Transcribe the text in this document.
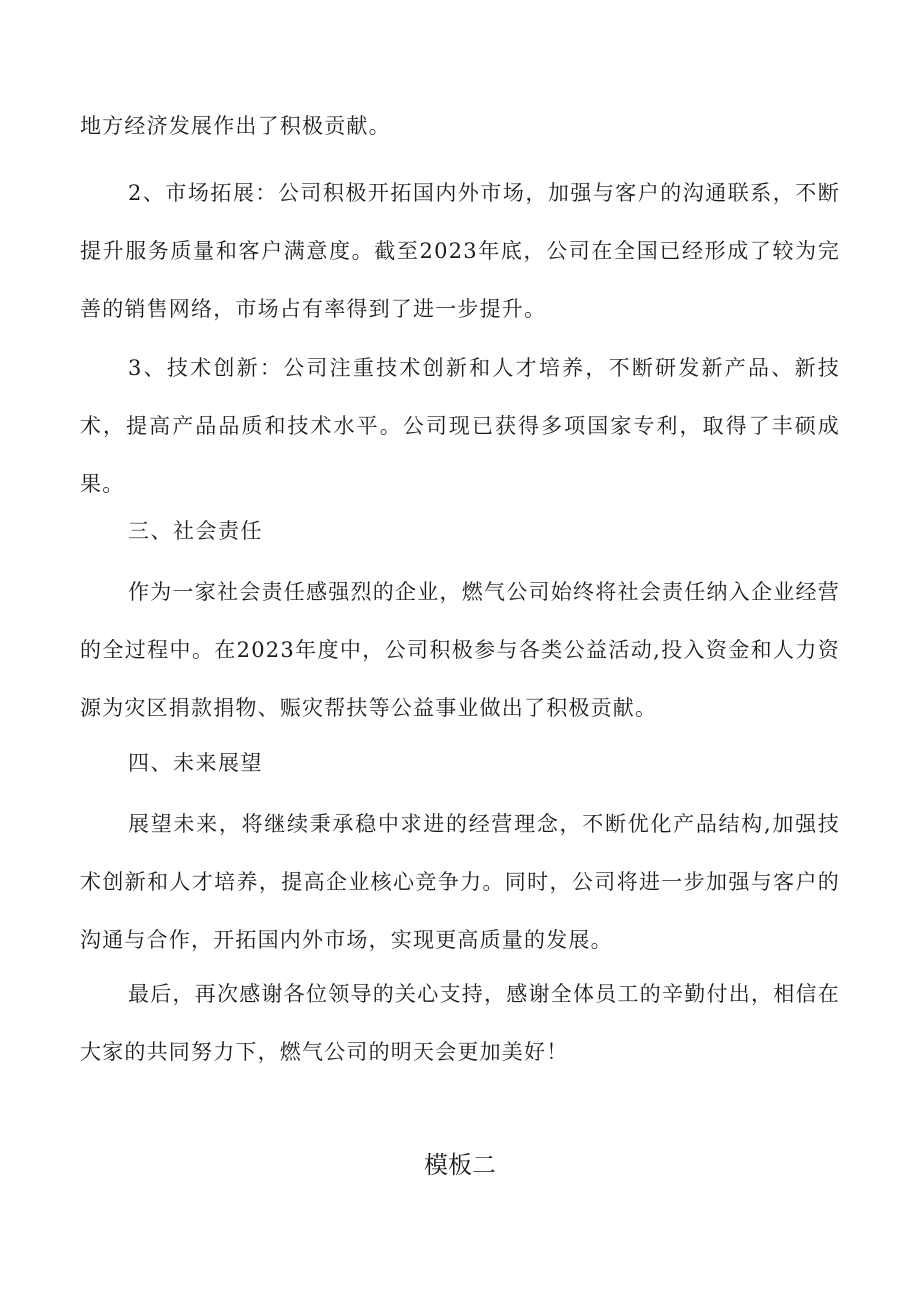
地方经济发展作出了积极贡献。

2、市场拓展：公司积极开拓国内外市场，加强与客户的沟通联系，不断提升服务质量和客户满意度。截至2023年底，公司在全国已经形成了较为完善的销售网络，市场占有率得到了进一步提升。

3、技术创新：公司注重技术创新和人才培养，不断研发新产品、新技术，提高产品品质和技术水平。公司现已获得多项国家专利，取得了丰硕成果。

三、社会责任

作为一家社会责任感强烈的企业，燃气公司始终将社会责任纳入企业经营的全过程中。在2023年度中，公司积极参与各类公益活动,投入资金和人力资源为灾区捐款捐物、赈灾帮扶等公益事业做出了积极贡献。

四、未来展望

展望未来，将继续秉承稳中求进的经营理念，不断优化产品结构,加强技术创新和人才培养，提高企业核心竞争力。同时，公司将进一步加强与客户的沟通与合作，开拓国内外市场，实现更高质量的发展。

最后，再次感谢各位领导的关心支持，感谢全体员工的辛勤付出，相信在大家的共同努力下，燃气公司的明天会更加美好！

模板二
